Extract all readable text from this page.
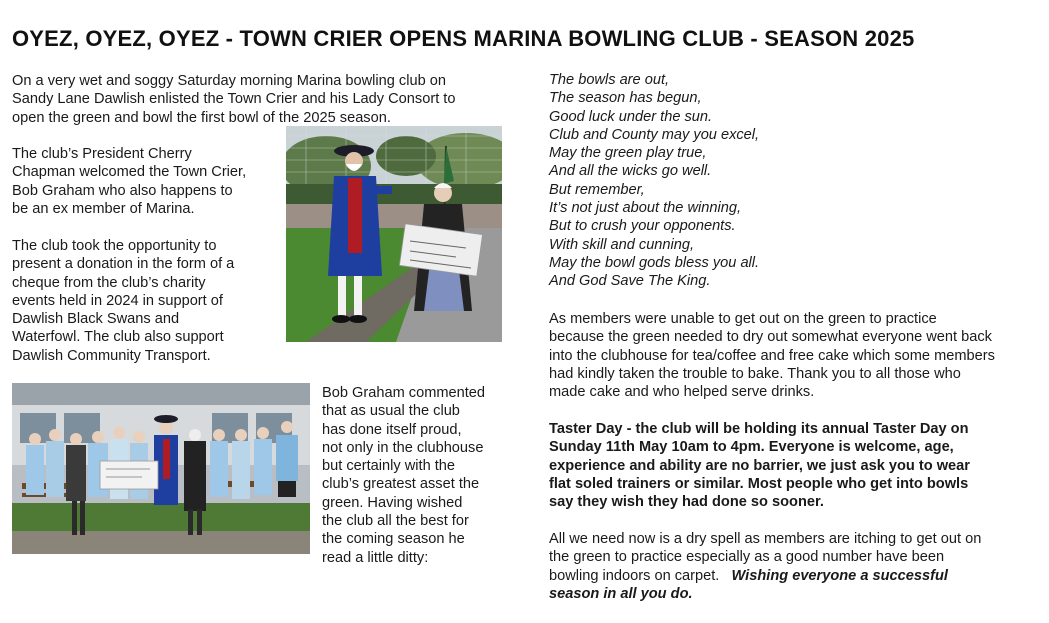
OYEZ, OYEZ, OYEZ - TOWN CRIER OPENS MARINA BOWLING CLUB - SEASON 2025
On a very wet and soggy Saturday morning Marina bowling club on
Sandy Lane Dawlish enlisted the Town Crier and his Lady Consort to
open the green and bowl the first bowl of the 2025 season.
The club’s President Cherry
Chapman welcomed the Town Crier,
Bob Graham who also happens to
be an ex member of Marina.
The club took the opportunity to
present a donation in the form of a
cheque from the club’s charity
events held in 2024 in support of
Dawlish Black Swans and
Waterfowl. The club also support
Dawlish Community Transport.
Bob Graham commented
that as usual the club
has done itself proud,
not only in the clubhouse
but certainly with the
club’s greatest asset the
green. Having wished
the club all the best for
the coming season he
read a little ditty:
The bowls are out,
The season has begun,
Good luck under the sun.
Club and County may you excel,
May the green play true,
And all the wicks go well.
But remember,
It’s not just about the winning,
But to crush your opponents.
With skill and cunning,
May the bowl gods bless you all.
And God Save The King.
As members were unable to get out on the green to practice
because the green needed to dry out somewhat everyone went back
into the clubhouse for tea/coffee and free cake which some members
had kindly taken the trouble to bake. Thank you to all those who
made cake and who helped serve drinks.
Taster Day - the club will be holding its annual Taster Day on
Sunday 11th May 10am to 4pm. Everyone is welcome, age,
experience and ability are no barrier, we just ask you to wear
flat soled trainers or similar. Most people who get into bowls
say they wish they had done so sooner.
All we need now is a dry spell as members are itching to get out on
the green to practice especially as a good number have been
bowling indoors on carpet.   Wishing everyone a successful
season in all you do.
